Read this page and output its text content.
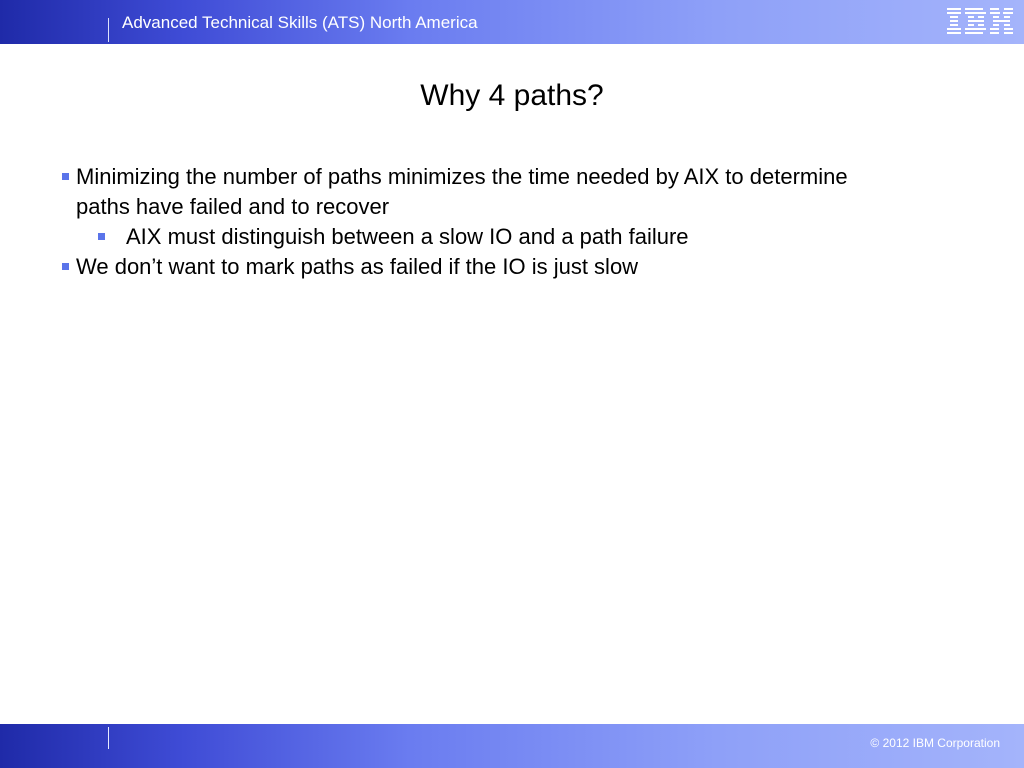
Advanced Technical Skills (ATS) North America
Why 4 paths?
Minimizing the number of paths minimizes the time needed by AIX to determine paths have failed and to recover
AIX must distinguish between a slow IO and a path failure
We don’t want to mark paths as failed if the IO is just slow
© 2012 IBM Corporation
